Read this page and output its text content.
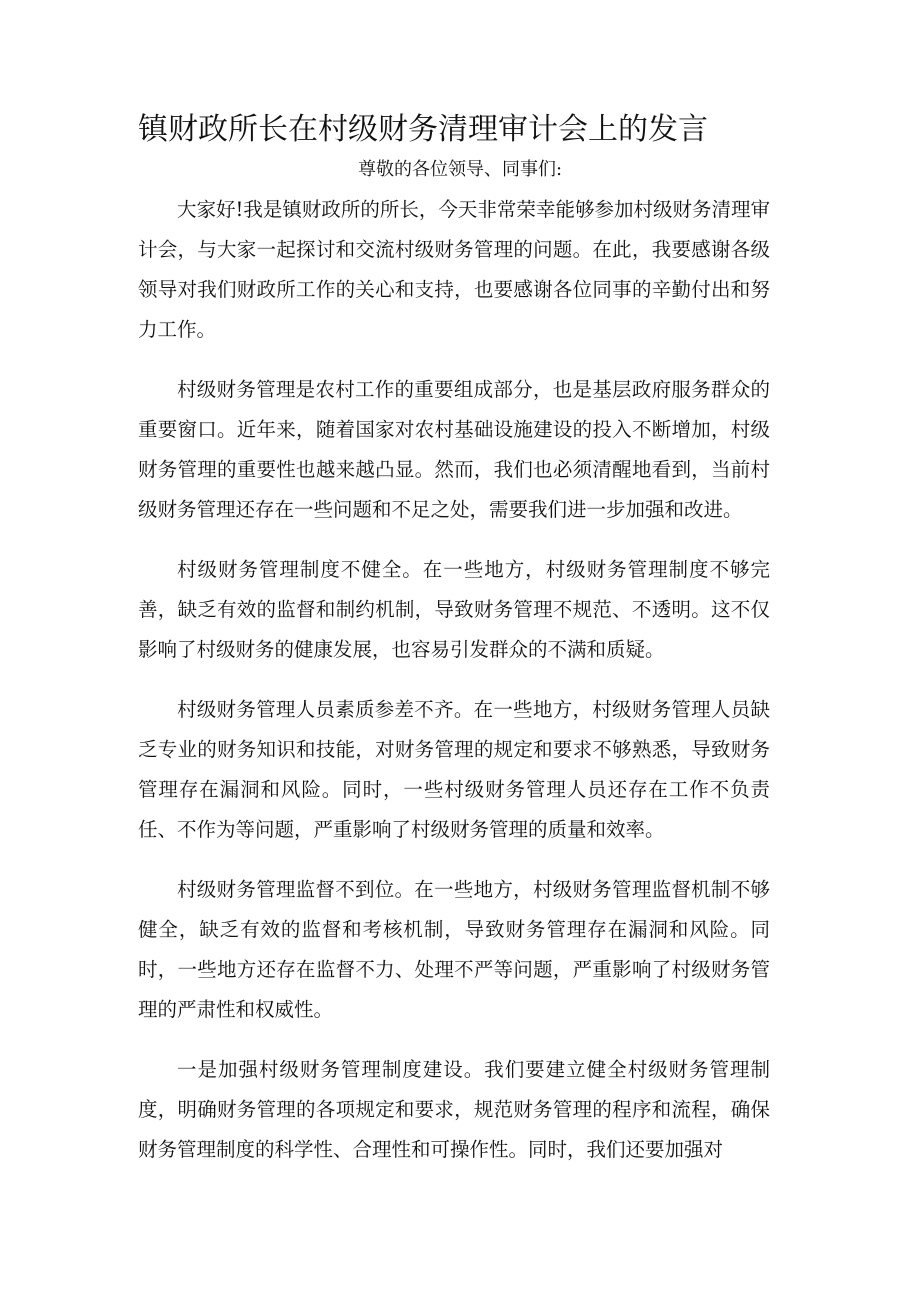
镇财政所长在村级财务清理审计会上的发言
尊敬的各位领导、同事们:

大家好!我是镇财政所的所长，今天非常荣幸能够参加村级财务清理审计会，与大家一起探讨和交流村级财务管理的问题。在此，我要感谢各级领导对我们财政所工作的关心和支持，也要感谢各位同事的辛勤付出和努力工作。

村级财务管理是农村工作的重要组成部分，也是基层政府服务群众的重要窗口。近年来，随着国家对农村基础设施建设的投入不断增加，村级财务管理的重要性也越来越凸显。然而，我们也必须清醒地看到，当前村级财务管理还存在一些问题和不足之处，需要我们进一步加强和改进。

村级财务管理制度不健全。在一些地方，村级财务管理制度不够完善，缺乏有效的监督和制约机制，导致财务管理不规范、不透明。这不仅影响了村级财务的健康发展，也容易引发群众的不满和质疑。

村级财务管理人员素质参差不齐。在一些地方，村级财务管理人员缺乏专业的财务知识和技能，对财务管理的规定和要求不够熟悉，导致财务管理存在漏洞和风险。同时，一些村级财务管理人员还存在工作不负责任、不作为等问题，严重影响了村级财务管理的质量和效率。

村级财务管理监督不到位。在一些地方，村级财务管理监督机制不够健全，缺乏有效的监督和考核机制，导致财务管理存在漏洞和风险。同时，一些地方还存在监督不力、处理不严等问题，严重影响了村级财务管理的严肃性和权威性。

一是加强村级财务管理制度建设。我们要建立健全村级财务管理制度，明确财务管理的各项规定和要求，规范财务管理的程序和流程，确保财务管理制度的科学性、合理性和可操作性。同时，我们还要加强对
